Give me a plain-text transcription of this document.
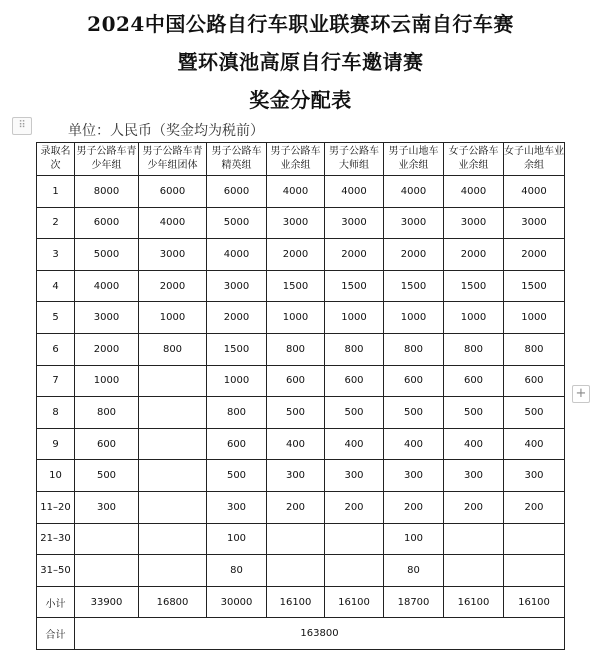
2024中国公路自行车职业联赛环云南自行车赛
暨环滇池高原自行车邀请赛
奖金分配表
⠿	单位：人民币（奖金均为税前）
录取名次	男子公路车青少年组	男子公路车青少年组团体	男子公路车精英组	男子公路车业余组	男子公路车大师组	男子山地车业余组	女子公路车业余组	女子山地车业余组
1	8000	6000	6000	4000	4000	4000	4000	4000
2	6000	4000	5000	3000	3000	3000	3000	3000
3	5000	3000	4000	2000	2000	2000	2000	2000
4	4000	2000	3000	1500	1500	1500	1500	1500
5	3000	1000	2000	1000	1000	1000	1000	1000
6	2000	800	1500	800	800	800	800	800
7	1000		1000	600	600	600	600	600
8	800		800	500	500	500	500	500
9	600		600	400	400	400	400	400
10	500		500	300	300	300	300	300
11–20	300		300	200	200	200	200	200
21–30			100			100		
31–50			80			80		
小计	33900	16800	30000	16100	16100	18700	16100	16100
合计	163800							
+
